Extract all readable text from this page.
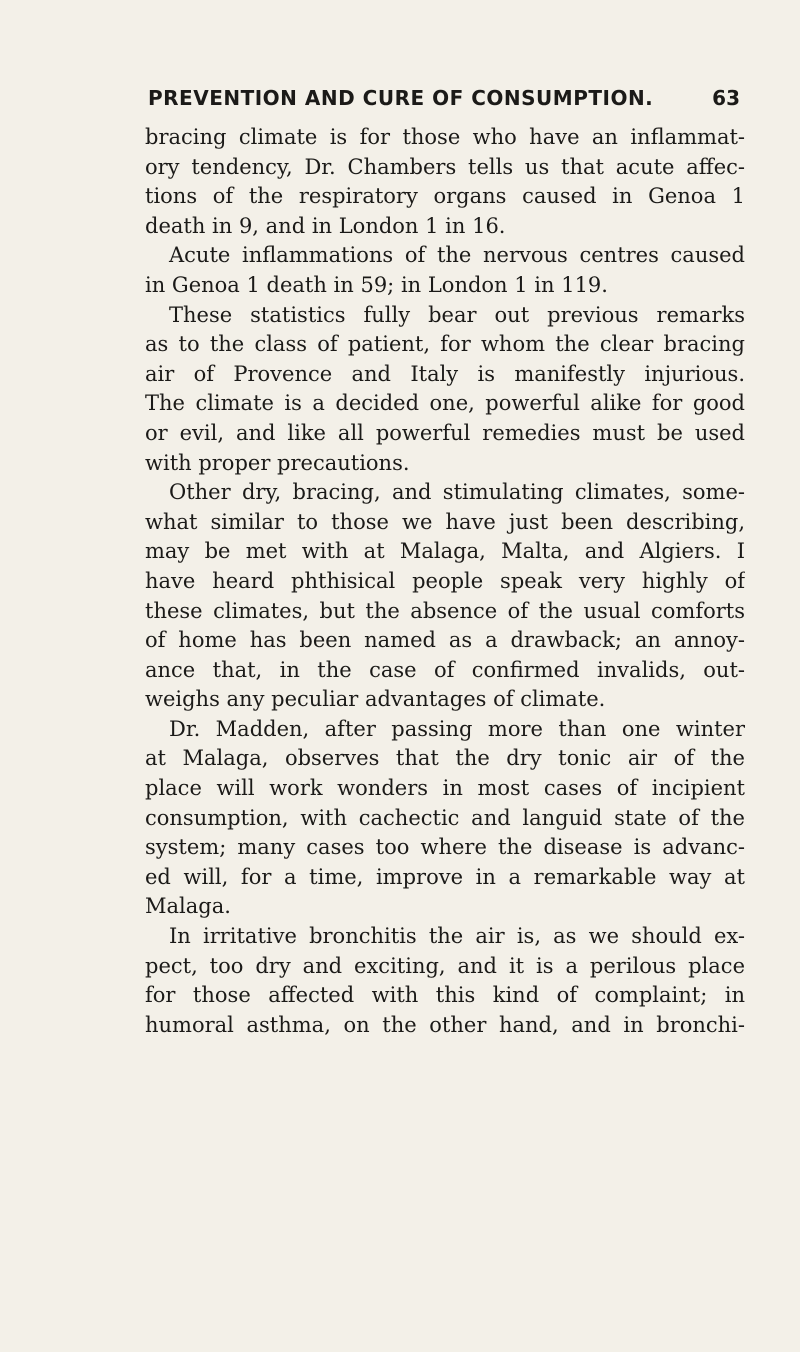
PREVENTION AND CURE OF CONSUMPTION.	63
bracing climate is for those who have an inflammat-
ory tendency, Dr. Chambers tells us that acute affec-
tions of the respiratory organs caused in Genoa 1
death in 9, and in London 1 in 16.
Acute inflammations of the nervous centres caused
in Genoa 1 death in 59; in London 1 in 119.
These statistics fully bear out previous remarks
as to the class of patient, for whom the clear bracing
air of Provence and Italy is manifestly injurious.
The climate is a decided one, powerful alike for good
or evil, and like all powerful remedies must be used
with proper precautions.
Other dry, bracing, and stimulating climates, some-
what similar to those we have just been describing,
may be met with at Malaga, Malta, and Algiers. I
have heard phthisical people speak very highly of
these climates, but the absence of the usual comforts
of home has been named as a drawback; an annoy-
ance that, in the case of confirmed invalids, out-
weighs any peculiar advantages of climate.
Dr. Madden, after passing more than one winter
at Malaga, observes that the dry tonic air of the
place will work wonders in most cases of incipient
consumption, with cachectic and languid state of the
system; many cases too where the disease is advanc-
ed will, for a time, improve in a remarkable way at
Malaga.
In irritative bronchitis the air is, as we should ex-
pect, too dry and exciting, and it is a perilous place
for those affected with this kind of complaint; in
humoral asthma, on the other hand, and in bronchi-
